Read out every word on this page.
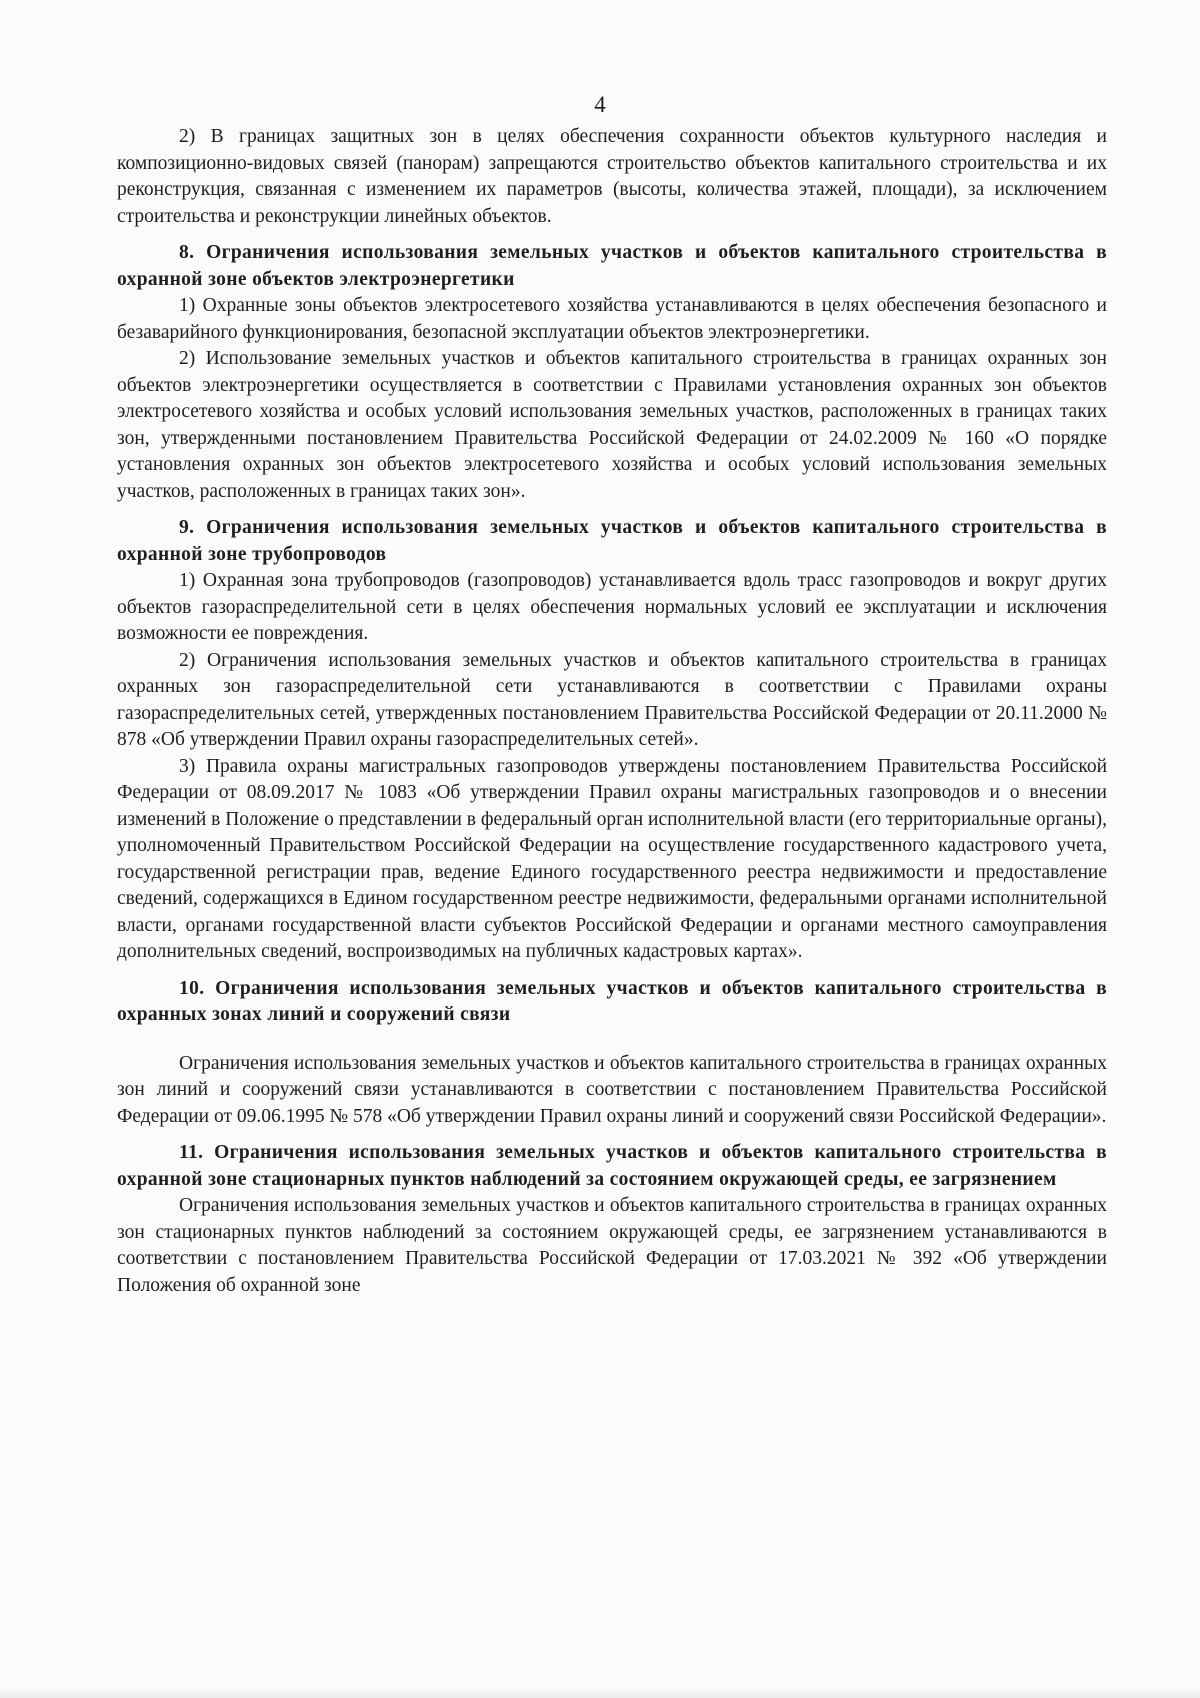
4

2) В границах защитных зон в целях обеспечения сохранности объектов культурного наследия и композиционно-видовых связей (панорам) запрещаются строительство объектов капитального строительства и их реконструкция, связанная с изменением их параметров (высоты, количества этажей, площади), за исключением строительства и реконструкции линейных объектов.

8. Ограничения использования земельных участков и объектов капитального строительства в охранной зоне объектов электроэнергетики

1) Охранные зоны объектов электросетевого хозяйства устанавливаются в целях обеспечения безопасного и безаварийного функционирования, безопасной эксплуатации объектов электроэнергетики.

2) Использование земельных участков и объектов капитального строительства в границах охранных зон объектов электроэнергетики осуществляется в соответствии с Правилами установления охранных зон объектов электросетевого хозяйства и особых условий использования земельных участков, расположенных в границах таких зон, утвержденными постановлением Правительства Российской Федерации от 24.02.2009 № 160 «О порядке установления охранных зон объектов электросетевого хозяйства и особых условий использования земельных участков, расположенных в границах таких зон».

9. Ограничения использования земельных участков и объектов капитального строительства в охранной зоне трубопроводов

1) Охранная зона трубопроводов (газопроводов) устанавливается вдоль трасс газопроводов и вокруг других объектов газораспределительной сети в целях обеспечения нормальных условий ее эксплуатации и исключения возможности ее повреждения.

2) Ограничения использования земельных участков и объектов капитального строительства в границах охранных зон газораспределительной сети устанавливаются в соответствии с Правилами охраны газораспределительных сетей, утвержденных постановлением Правительства Российской Федерации от 20.11.2000 № 878 «Об утверждении Правил охраны газораспределительных сетей».

3) Правила охраны магистральных газопроводов утверждены постановлением Правительства Российской Федерации от 08.09.2017 № 1083 «Об утверждении Правил охраны магистральных газопроводов и о внесении изменений в Положение о представлении в федеральный орган исполнительной власти (его территориальные органы), уполномоченный Правительством Российской Федерации на осуществление государственного кадастрового учета, государственной регистрации прав, ведение Единого государственного реестра недвижимости и предоставление сведений, содержащихся в Едином государственном реестре недвижимости, федеральными органами исполнительной власти, органами государственной власти субъектов Российской Федерации и органами местного самоуправления дополнительных сведений, воспроизводимых на публичных кадастровых картах».

10. Ограничения использования земельных участков и объектов капитального строительства в охранных зонах линий и сооружений связи

Ограничения использования земельных участков и объектов капитального строительства в границах охранных зон линий и сооружений связи устанавливаются в соответствии с постановлением Правительства Российской Федерации от 09.06.1995 № 578 «Об утверждении Правил охраны линий и сооружений связи Российской Федерации».

11. Ограничения использования земельных участков и объектов капитального строительства в охранной зоне стационарных пунктов наблюдений за состоянием окружающей среды, ее загрязнением

Ограничения использования земельных участков и объектов капитального строительства в границах охранных зон стационарных пунктов наблюдений за состоянием окружающей среды, ее загрязнением устанавливаются в соответствии с постановлением Правительства Российской Федерации от 17.03.2021 № 392 «Об утверждении Положения об охранной зоне
